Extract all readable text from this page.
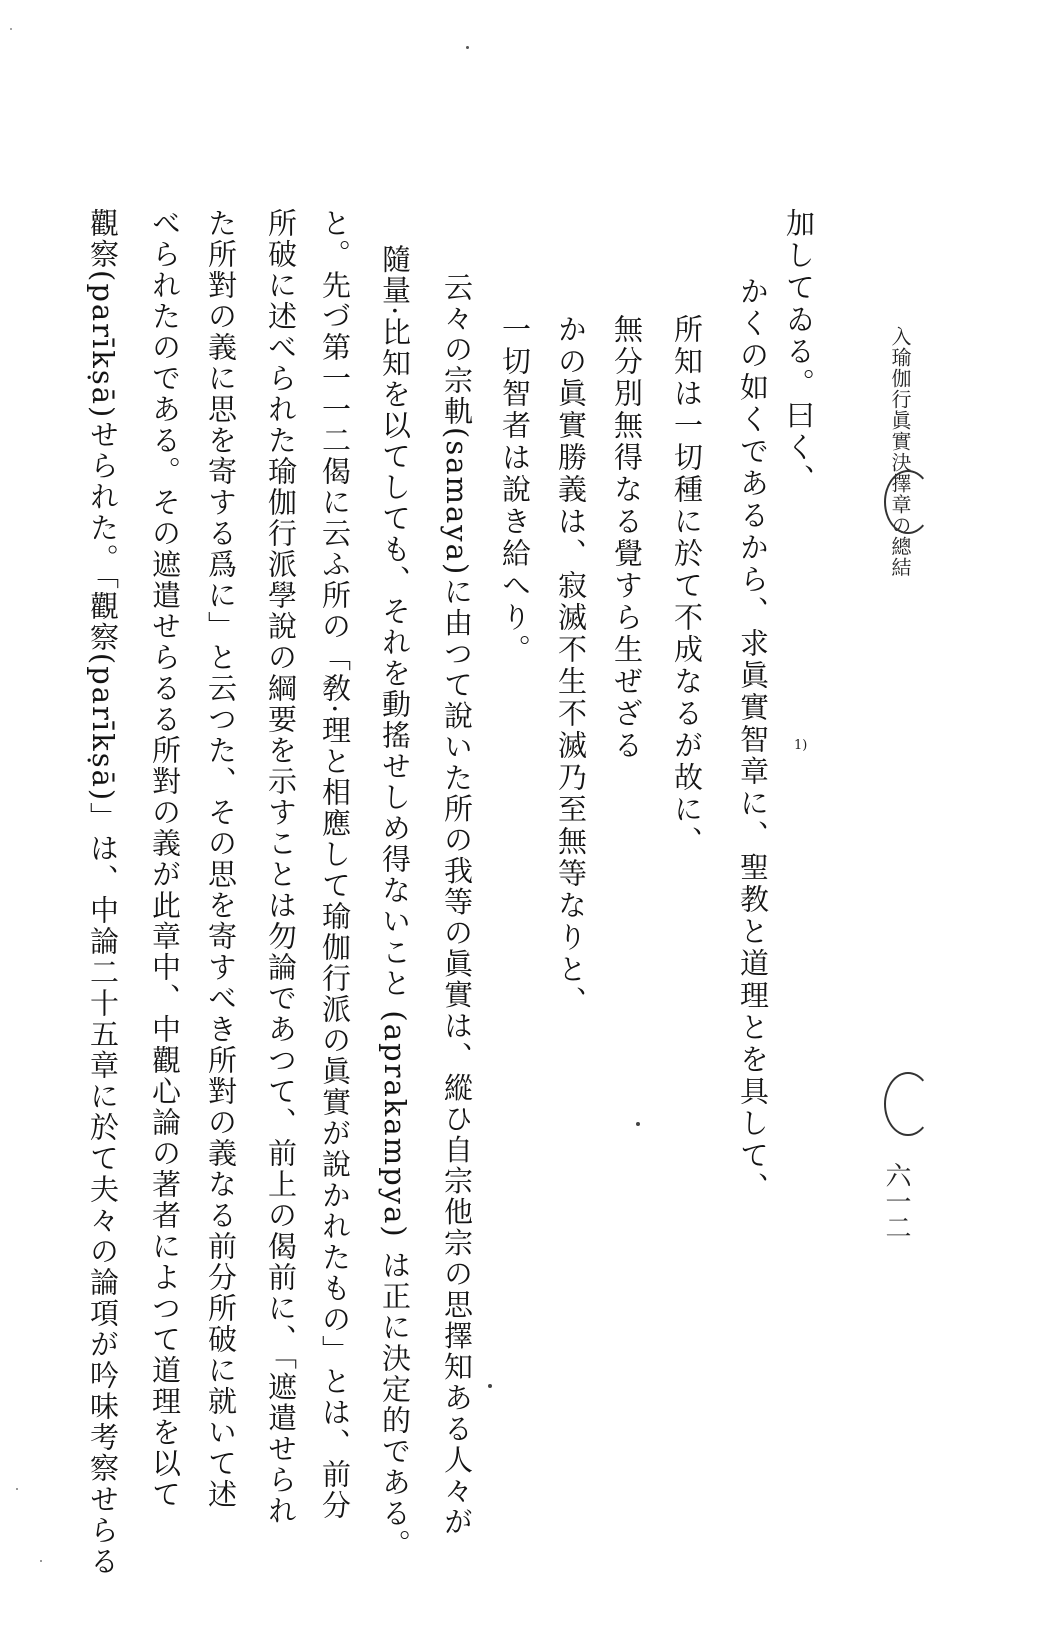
入瑜伽行眞實決擇章の總結
六一二
加してゐる。曰く、
かくの如くであるから、求眞實智章に、聖教と道理とを具して、
所知は一切種に於て不成なるが故に、
無分別無得なる覺すら生ぜざる
かの眞實勝義は、寂滅不生不滅乃至無等なりと、
一切智者は說き給へり。
云々の宗軌(samaya)に由つて說いた所の我等の眞實は、縱ひ自宗他宗の思擇知ある人々が
隨量·比知を以てしても、それを動搖せしめ得ないこと (aprakampya) は正に決定的である。
と。先づ第一一二偈に云ふ所の「敎·理と相應して瑜伽行派の眞實が說かれたもの」とは、前分
所破に述べられた瑜伽行派學說の綱要を示すことは勿論であつて、前上の偈前に、「遮遣せられ
た所對の義に思を寄する爲に」と云つた、その思を寄すべき所對の義なる前分所破に就いて述
べられたのである。その遮遣せらるる所對の義が此章中、中觀心論の著者によつて道理を以て
觀察(parīkṣā)せられた。「觀察(parīkṣā)」は、中論二十五章に於て夫々の論項が吟味考察せらる	1)
